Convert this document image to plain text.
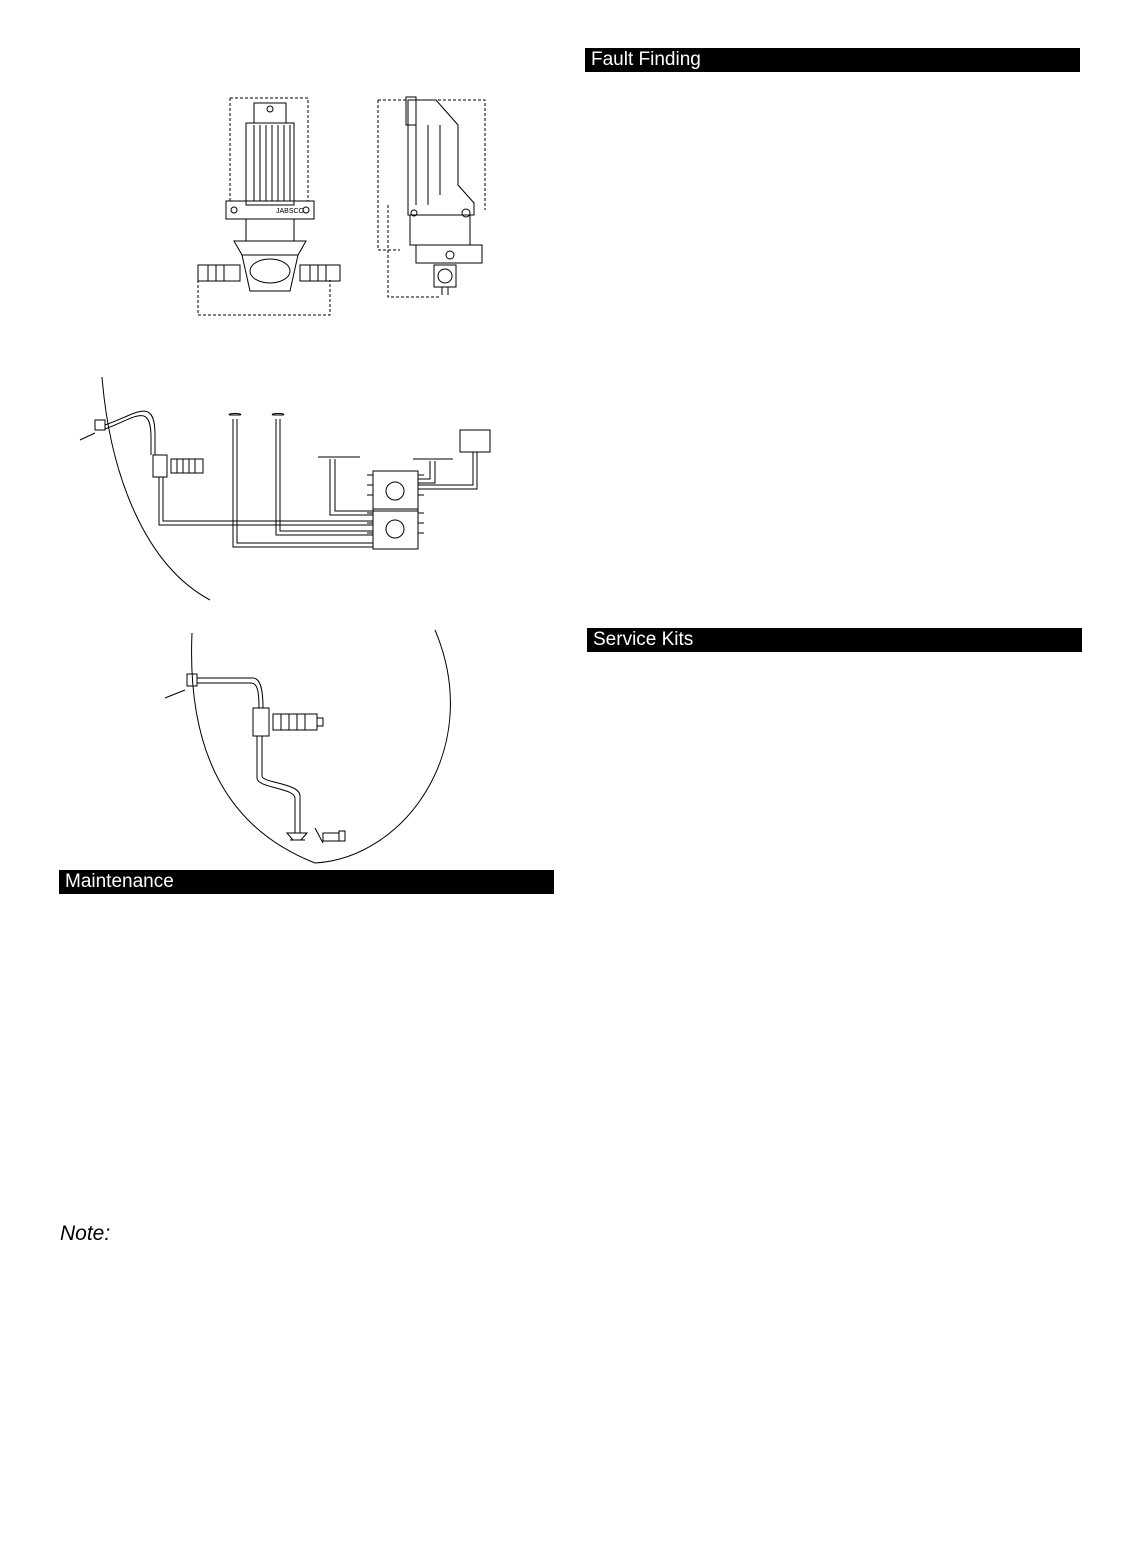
Fault Finding
Service Kits
Maintenance
Note:
JABSCO
